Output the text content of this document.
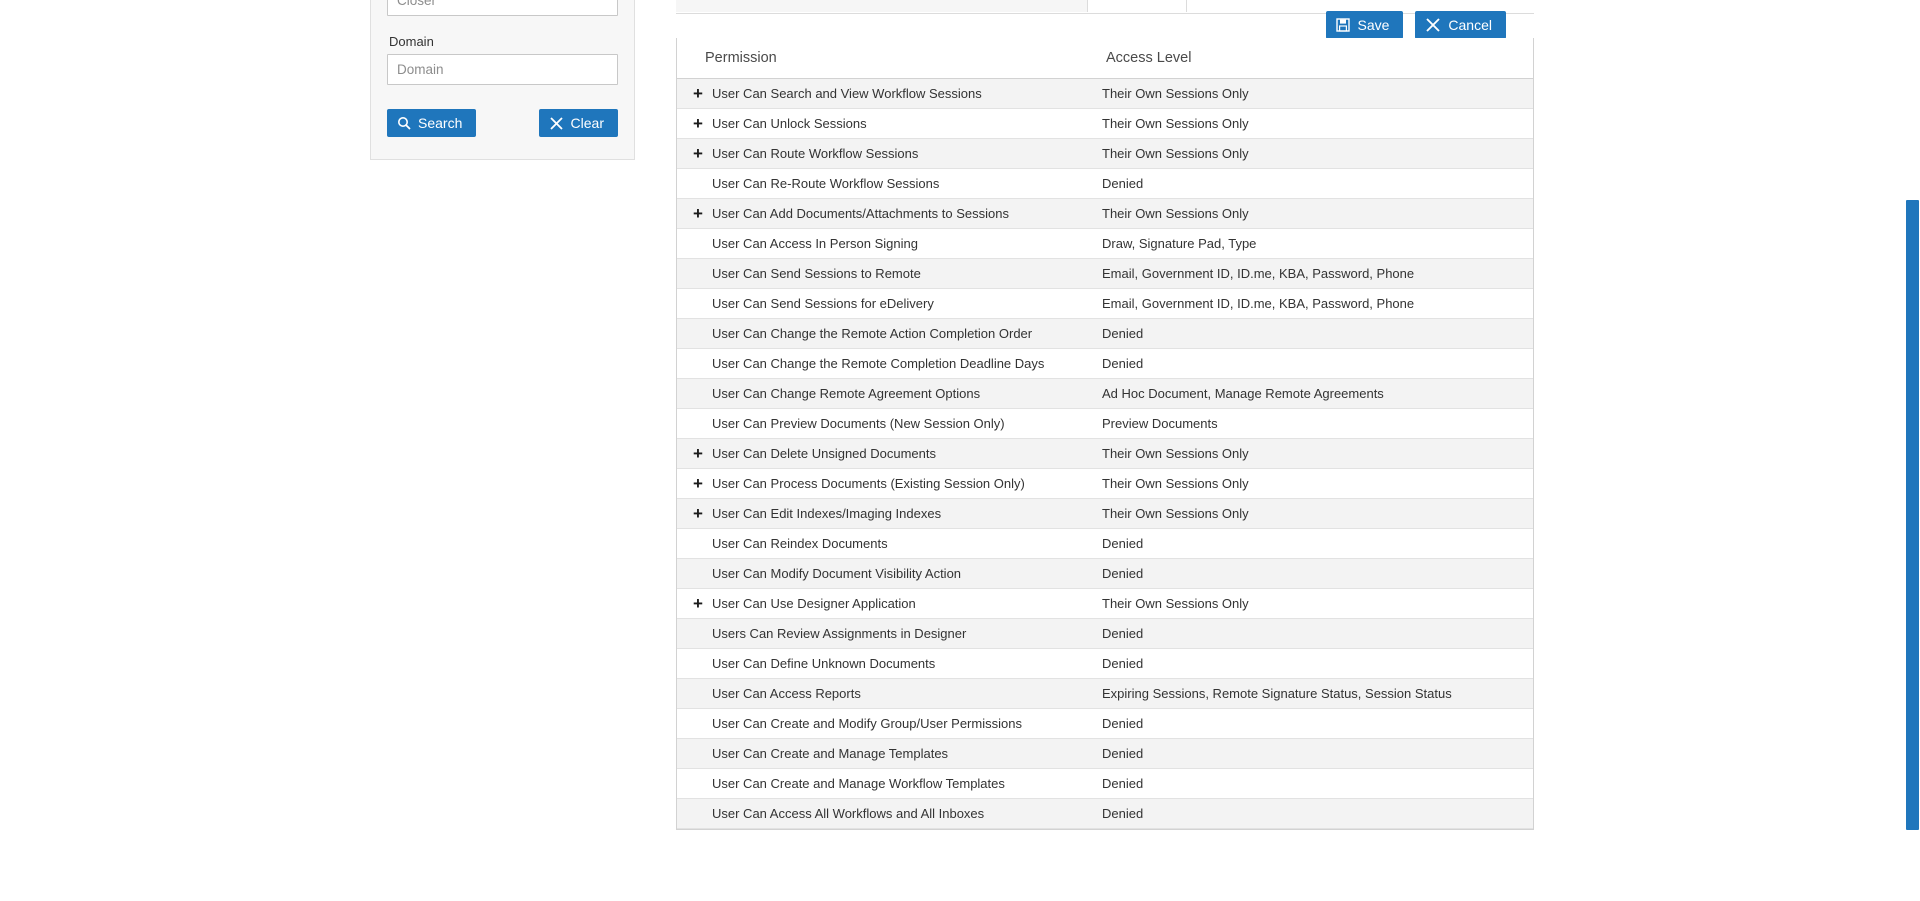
Closer
Domain
Domain
Search	Clear
Save	Cancel
Permission	Access Level

+ User Can Search and View Workflow Sessions	Their Own Sessions Only

+ User Can Unlock Sessions	Their Own Sessions Only

+ User Can Route Workflow Sessions	Their Own Sessions Only

User Can Re-Route Workflow Sessions	Denied

+ User Can Add Documents/Attachments to Sessions	Their Own Sessions Only

User Can Access In Person Signing	Draw, Signature Pad, Type

User Can Send Sessions to Remote	Email, Government ID, ID.me, KBA, Password, Phone

User Can Send Sessions for eDelivery	Email, Government ID, ID.me, KBA, Password, Phone

User Can Change the Remote Action Completion Order	Denied

User Can Change the Remote Completion Deadline Days	Denied

User Can Change Remote Agreement Options	Ad Hoc Document, Manage Remote Agreements

User Can Preview Documents (New Session Only)	Preview Documents

+ User Can Delete Unsigned Documents	Their Own Sessions Only

+ User Can Process Documents (Existing Session Only)	Their Own Sessions Only

+ User Can Edit Indexes/Imaging Indexes	Their Own Sessions Only

User Can Reindex Documents	Denied

User Can Modify Document Visibility Action	Denied

+ User Can Use Designer Application	Their Own Sessions Only

Users Can Review Assignments in Designer	Denied

User Can Define Unknown Documents	Denied

User Can Access Reports	Expiring Sessions, Remote Signature Status, Session Status

User Can Create and Modify Group/User Permissions	Denied

User Can Create and Manage Templates	Denied

User Can Create and Manage Workflow Templates	Denied

User Can Access All Workflows and All Inboxes	Denied
